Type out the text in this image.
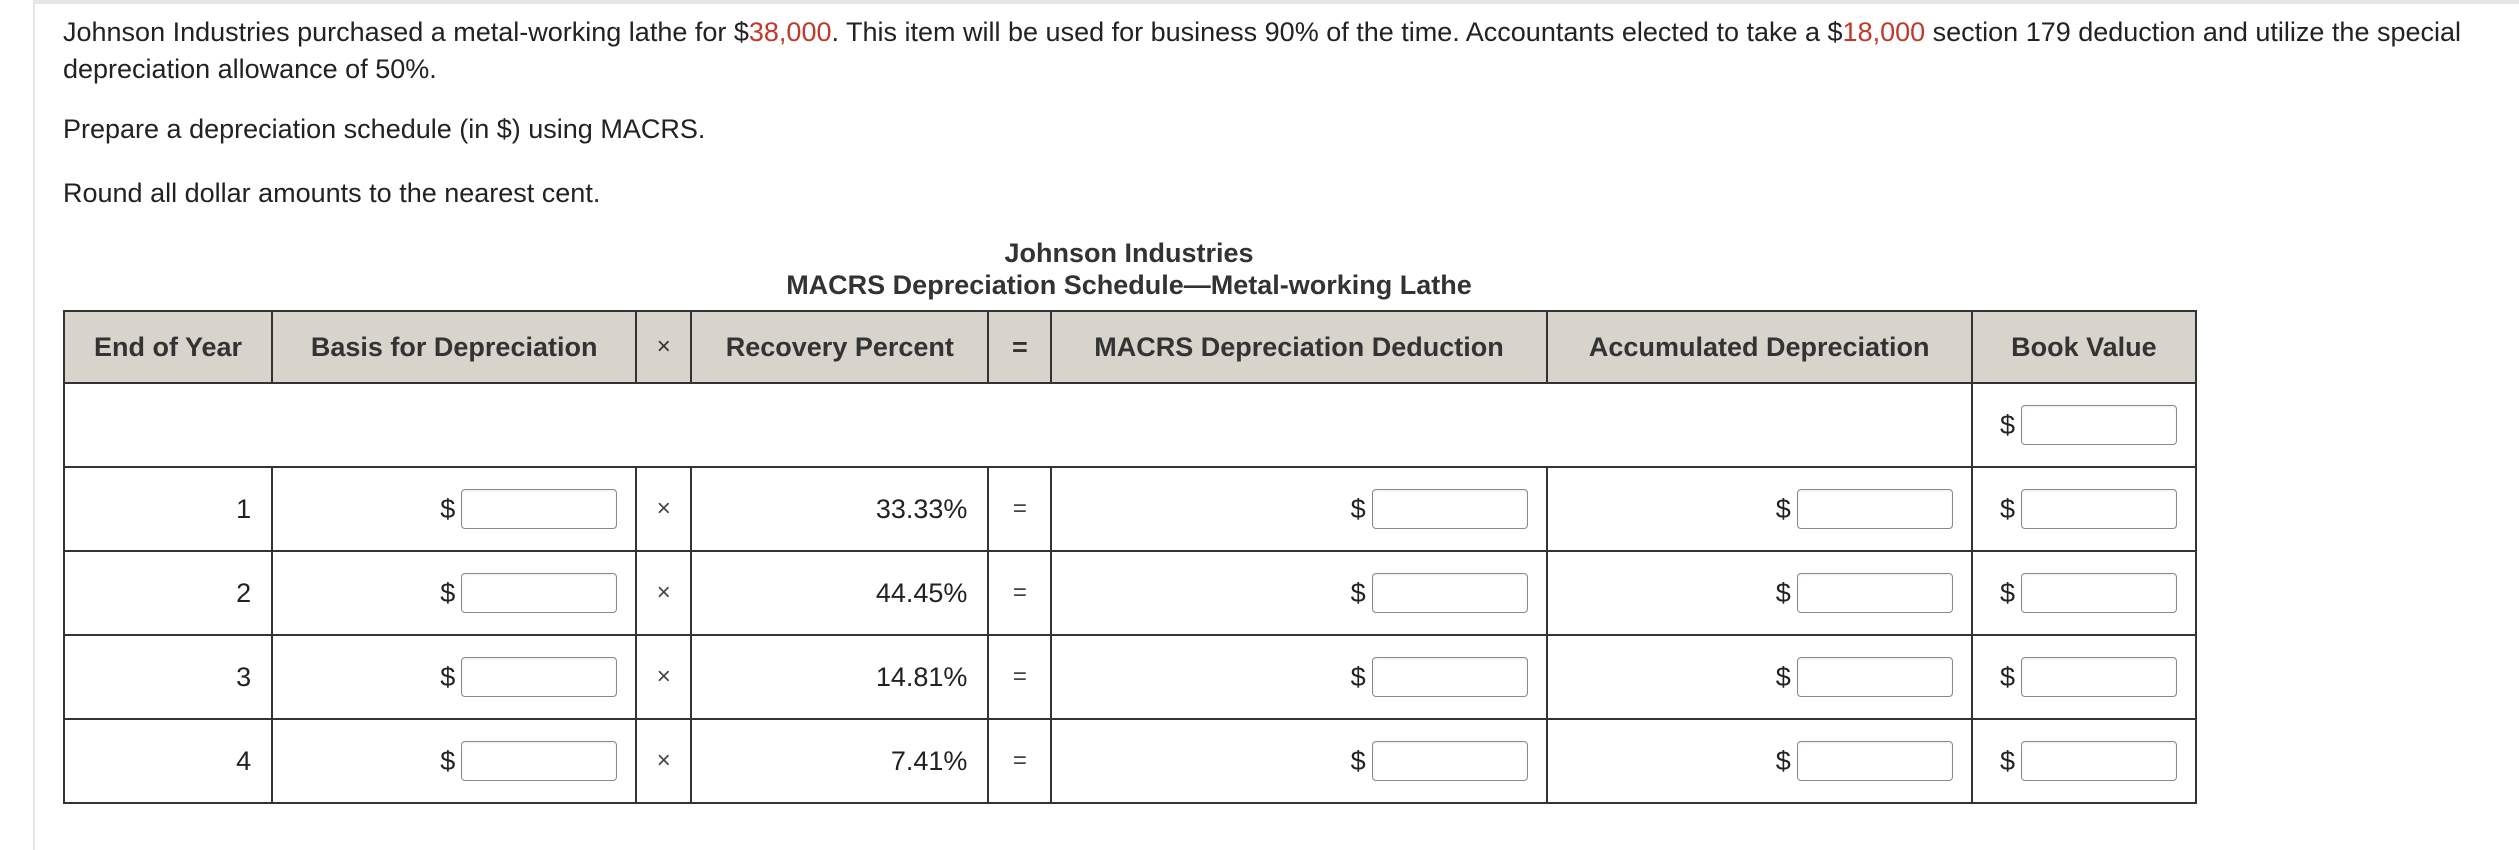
Johnson Industries purchased a metal-working lathe for $38,000. This item will be used for business 90% of the time. Accountants elected to take a $18,000 section 179 deduction and utilize the special depreciation allowance of 50%.

Prepare a depreciation schedule (in $) using MACRS.

Round all dollar amounts to the nearest cent.

Johnson Industries
MACRS Depreciation Schedule—Metal-working Lathe
End of Year	Basis for Depreciation	×	Recovery Percent	=	MACRS Depreciation Deduction	Accumulated Depreciation	Book Value
							$
1	$	×	33.33%	=	$	$	$
2	$	×	44.45%	=	$	$	$
3	$	×	14.81%	=	$	$	$
4	$	×	7.41%	=	$	$	$
